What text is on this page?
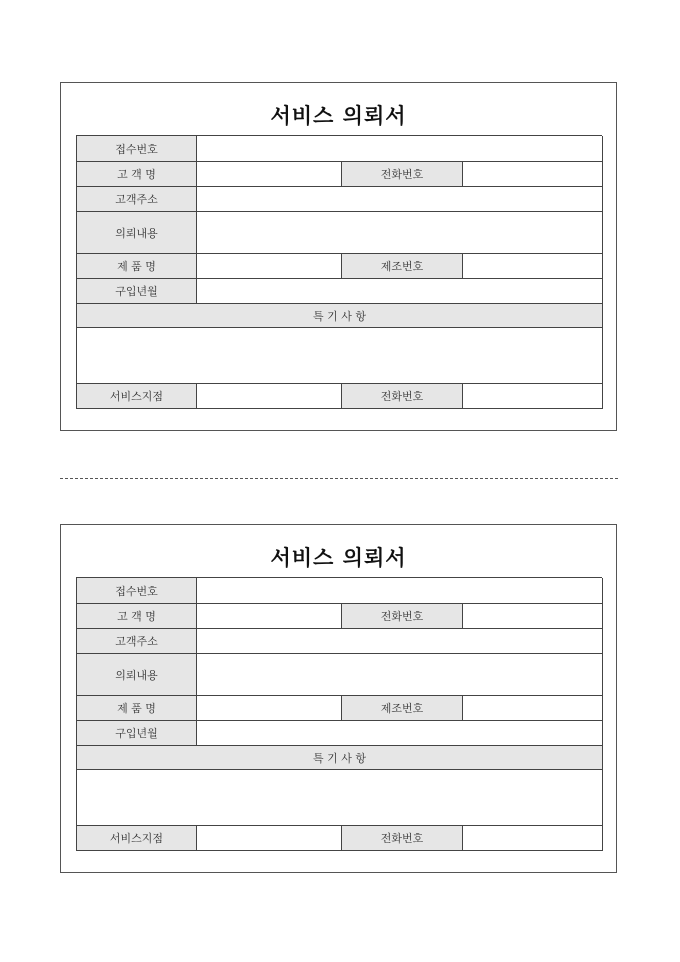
서비스 의뢰서
접수번호
고 객 명	전화번호
고객주소
의뢰내용
제 품 명	제조번호
구입년월
특 기 사 항
서비스지점	전화번호
서비스 의뢰서
접수번호
고 객 명	전화번호
고객주소
의뢰내용
제 품 명	제조번호
구입년월
특 기 사 항
서비스지점	전화번호
